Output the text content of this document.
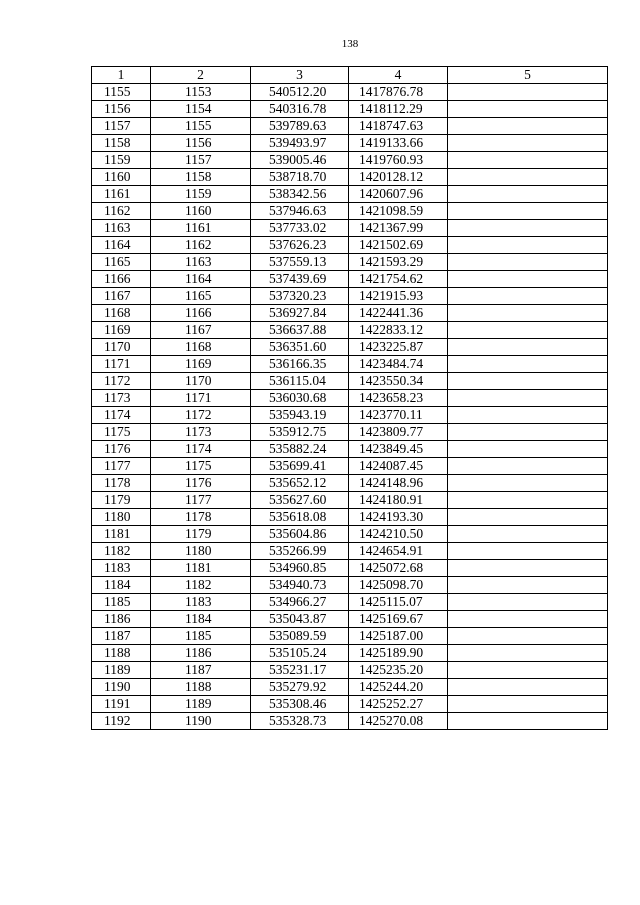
138
1	2	3	4	5
1155	1153	540512.20	1417876.78	
1156	1154	540316.78	1418112.29	
1157	1155	539789.63	1418747.63	
1158	1156	539493.97	1419133.66	
1159	1157	539005.46	1419760.93	
1160	1158	538718.70	1420128.12	
1161	1159	538342.56	1420607.96	
1162	1160	537946.63	1421098.59	
1163	1161	537733.02	1421367.99	
1164	1162	537626.23	1421502.69	
1165	1163	537559.13	1421593.29	
1166	1164	537439.69	1421754.62	
1167	1165	537320.23	1421915.93	
1168	1166	536927.84	1422441.36	
1169	1167	536637.88	1422833.12	
1170	1168	536351.60	1423225.87	
1171	1169	536166.35	1423484.74	
1172	1170	536115.04	1423550.34	
1173	1171	536030.68	1423658.23	
1174	1172	535943.19	1423770.11	
1175	1173	535912.75	1423809.77	
1176	1174	535882.24	1423849.45	
1177	1175	535699.41	1424087.45	
1178	1176	535652.12	1424148.96	
1179	1177	535627.60	1424180.91	
1180	1178	535618.08	1424193.30	
1181	1179	535604.86	1424210.50	
1182	1180	535266.99	1424654.91	
1183	1181	534960.85	1425072.68	
1184	1182	534940.73	1425098.70	
1185	1183	534966.27	1425115.07	
1186	1184	535043.87	1425169.67	
1187	1185	535089.59	1425187.00	
1188	1186	535105.24	1425189.90	
1189	1187	535231.17	1425235.20	
1190	1188	535279.92	1425244.20	
1191	1189	535308.46	1425252.27	
1192	1190	535328.73	1425270.08	
